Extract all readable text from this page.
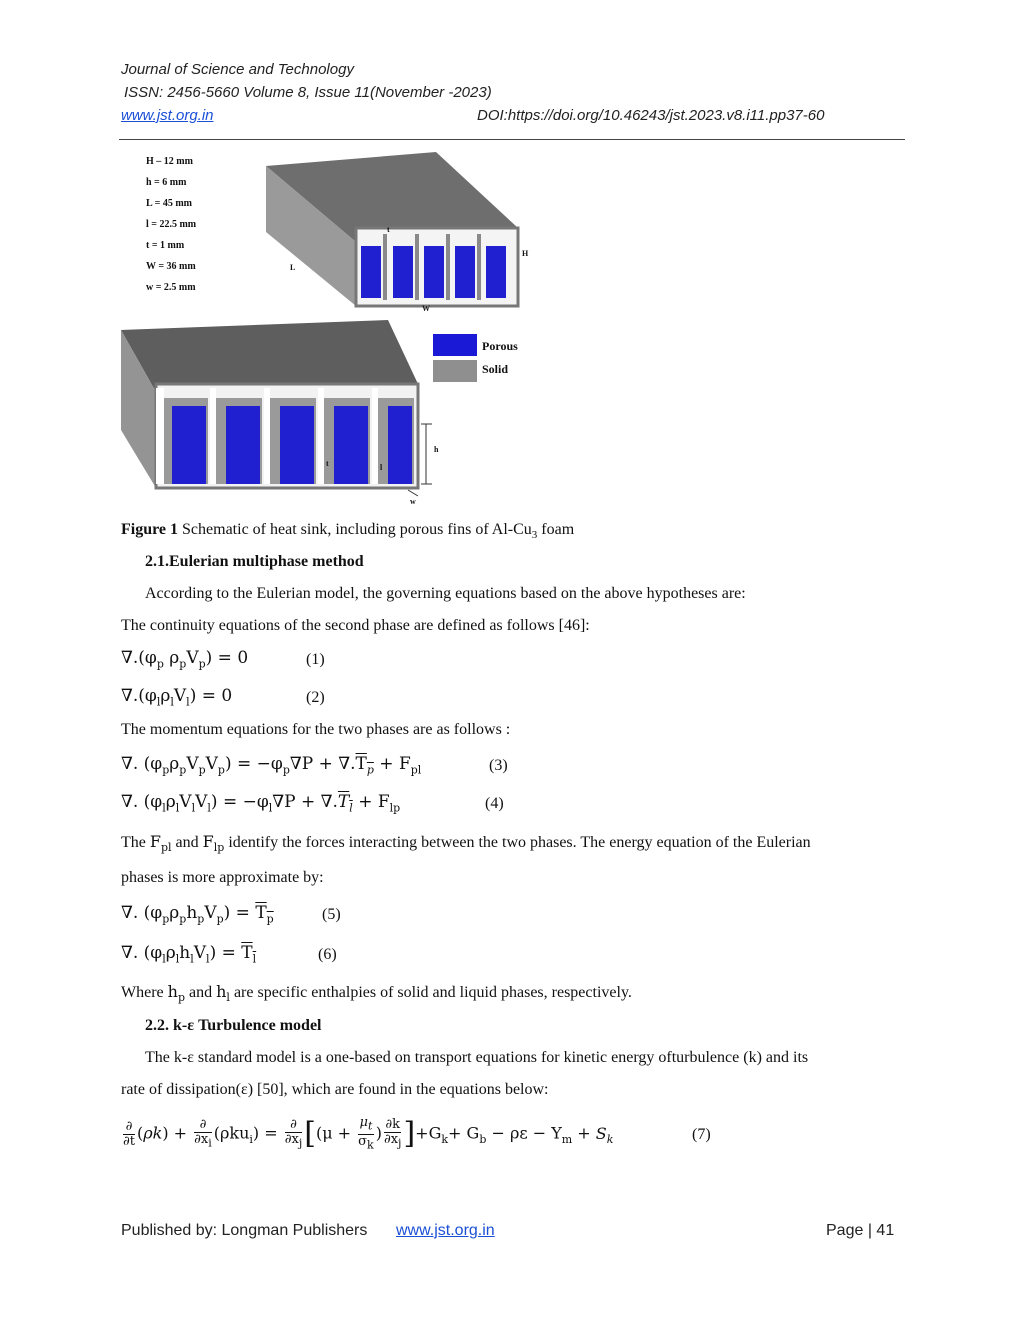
Journal of Science and Technology
ISSN: 2456-5660 Volume 8, Issue 11(November -2023)
www.jst.org.in	DOI:https://doi.org/10.46243/jst.2023.v8.i11.pp37-60
H – 12 mm
h = 6 mm
L = 45 mm
l = 22.5 mm
t = 1 mm
W = 36 mm
w = 2.5 mm
L
W
H
t
Porous
Solid
h
l
t
w
Figure 1 Schematic of heat sink, including porous fins of $Al-Cu_3$ foam
2.1.Eulerian multiphase method
According to the Eulerian model, the governing equations based on the above hypotheses are:
The continuity equations of the second phase are defined as follows [46]:
$\nabla.(\varphi_p$ $\rho_pV_p) = 0$	(1)
$\nabla.(\varphi_l\rho_lV_l) = 0$	(2)
The momentum equations for the two phases are as follows :
∇. $(\varphi_p\rho_pV_pV_p) = -\varphi_p\nabla P + \nabla.T_p + F_{pl}$	(3)
∇. $(\varphi_l\rho_lV_lV_l) = -\varphi_l\nabla P + \nabla.T_l + F_{lp}$	(4)
The $F_{pl}$ and $F_{lp}$ identify the forces interacting between the two phases. The energy equation of the Eulerian
phases is more approximate by:
∇. $(\varphi_p\rho_ph_pV_p) = T_p$	(5)
∇. $(\varphi_l\rho_lh_lV_l) = T_l$	(6)
Where $h_p$ and $h_l$ are specific enthalpies of solid and liquid phases, respectively.
2.2. k-ε Turbulence model
The k-ε standard model is a one-based on transport equations for kinetic energy ofturbulence (k) and its
rate of dissipation(ε) [50], which are found in the equations below:
$\frac{\partial}{\partial t} (\rho k) + \frac{\partial}{\partial x_i} (\rho ku_i) = \frac{\partial}{\partial x_j} [(\mu + \frac{\mu_t}{\sigma_k}$ ) $\frac{\partial k}{\partial x_j} ]+G_k+ G_b - \rho\varepsilon - Y_m + S_k$	(7)
Published by: Longman Publishers www.jst.org.in	Page | 41
